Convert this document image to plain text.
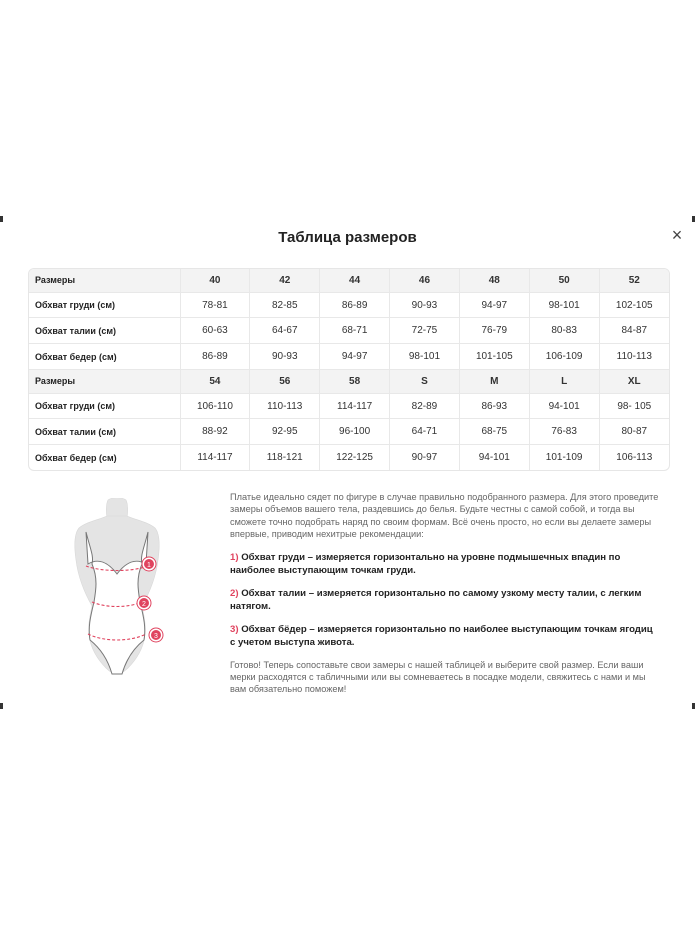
Таблица размеров	×
Размеры	40	42	44	46	48	50	52
Обхват груди (см)	78-81	82-85	86-89	90-93	94-97	98-101	102-105
Обхват талии (см)	60-63	64-67	68-71	72-75	76-79	80-83	84-87
Обхват бедер (см)	86-89	90-93	94-97	98-101	101-105	106-109	110-113
Размеры	54	56	58	S	M	L	XL
Обхват груди (см)	106-110	110-113	114-117	82-89	86-93	94-101	98- 105
Обхват талии (см)	88-92	92-95	96-100	64-71	68-75	76-83	80-87
Обхват бедер (см)	114-117	118-121	122-125	90-97	94-101	101-109	106-113
1
2
3

Платье идеально сядет по фигуре в случае правильно подобранного размера. Для этого проведите замеры объемов вашего тела, раздевшись до белья. Будьте честны с самой собой, и тогда вы сможете точно подобрать наряд по своим формам. Всё очень просто, но если вы делаете замеры впервые, приводим нехитрые рекомендации:

1) Обхват груди – измеряется горизонтально на уровне подмышечных впадин по наиболее выступающим точкам груди.

2) Обхват талии – измеряется горизонтально по самому узкому месту талии, с легким натягом.

3) Обхват бёдер – измеряется горизонтально по наиболее выступающим точкам ягодиц с учетом выступа живота.

Готово! Теперь сопоставьте свои замеры с нашей таблицей и выберите свой размер. Если ваши мерки расходятся с табличными или вы сомневаетесь в посадке модели, свяжитесь с нами и мы вам обязательно поможем!
